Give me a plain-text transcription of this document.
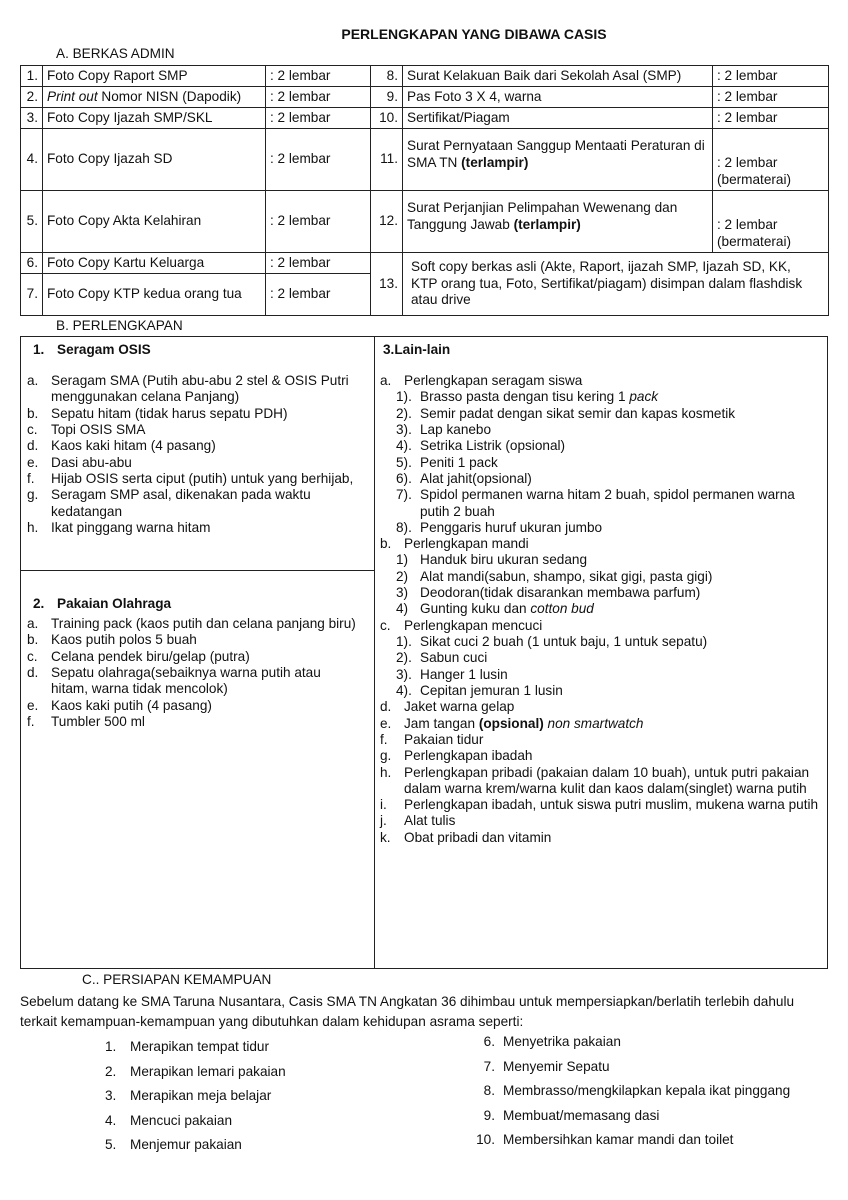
PERLENGKAPAN YANG DIBAWA CASIS
A. BERKAS ADMIN
1.	Foto Copy Raport SMP	: 2 lembar	8.	Surat Kelakuan Baik dari Sekolah Asal (SMP)	: 2 lembar
2.	Print out Nomor NISN (Dapodik)	: 2 lembar	9.	Pas Foto 3 X 4, warna	: 2 lembar
3.	Foto Copy Ijazah SMP/SKL	: 2 lembar	10.	Sertifikat/Piagam	: 2 lembar
4.	Foto Copy Ijazah SD	: 2 lembar	11.	Surat Pernyataan Sanggup Mentaati Peraturan di SMA TN (terlampir)	: 2 lembar
(bermaterai)

5.	Foto Copy Akta Kelahiran	: 2 lembar	12.	Surat Perjanjian Pelimpahan Wewenang dan Tanggung Jawab (terlampir)	: 2 lembar
(bermaterai)

6.	Foto Copy Kartu Keluarga	: 2 lembar	13.	Soft copy berkas asli (Akte, Raport, ijazah SMP, Ijazah SD, KK, KTP orang tua, Foto, Sertifikat/piagam) disimpan dalam flashdisk atau drive	
7.	Foto Copy KTP kedua orang tua	: 2 lembar			
B. PERLENGKAPAN
1. Seragam OSIS
a. Seragam SMA (Putih abu-abu 2 stel & OSIS Putri menggunakan celana Panjang)
b. Sepatu hitam (tidak harus sepatu PDH)
c. Topi OSIS SMA
d. Kaos kaki hitam (4 pasang)
e. Dasi abu-abu
f.	Hijab OSIS serta ciput (putih) untuk yang berhijab,
g. Seragam SMP asal, dikenakan pada waktu kedatangan
h. Ikat pinggang warna hitam
2. Pakaian Olahraga
a. Training pack (kaos putih dan celana panjang biru)
b. Kaos putih polos 5 buah
c. Celana pendek biru/gelap (putra)
d. Sepatu olahraga(sebaiknya warna putih atau hitam, warna tidak mencolok)
e. Kaos kaki putih (4 pasang)
f.	Tumbler 500 ml
3.Lain-lain
a. Perlengkapan seragam siswa
1). Brasso pasta dengan tisu kering 1 pack
2). Semir padat dengan sikat semir dan kapas kosmetik
3). Lap kanebo
4). Setrika Listrik (opsional)
5). Peniti 1 pack
6). Alat jahit(opsional)
7). Spidol permanen warna hitam 2 buah, spidol permanen warna putih 2 buah
8). Penggaris huruf ukuran jumbo
b. Perlengkapan mandi
1) Handuk biru ukuran sedang
2) Alat mandi(sabun, shampo, sikat gigi, pasta gigi)
3) Deodoran(tidak disarankan membawa parfum)
4) Gunting kuku dan cotton bud
c. Perlengkapan mencuci
1). Sikat cuci 2 buah (1 untuk baju, 1 untuk sepatu)
2). Sabun cuci
3). Hanger 1 lusin
4). Cepitan jemuran 1 lusin
d. Jaket warna gelap
e. Jam tangan (opsional) non smartwatch
f.	Pakaian tidur
g. Perlengkapan ibadah
h. Perlengkapan pribadi (pakaian dalam 10 buah), untuk putri pakaian dalam warna krem/warna kulit dan kaos dalam(singlet) warna putih
i.	Perlengkapan ibadah, untuk siswa putri muslim, mukena warna putih
j.	Alat tulis
k. Obat pribadi dan vitamin
C.. PERSIAPAN KEMAMPUAN
Sebelum datang ke SMA Taruna Nusantara, Casis SMA TN Angkatan 36 dihimbau untuk mempersiapkan/berlatih terlebih dahulu terkait kemampuan-kemampuan yang dibutuhkan dalam kehidupan asrama seperti:
1.	Merapikan tempat tidur
2.	Merapikan lemari pakaian
3.	Merapikan meja belajar
4.	Mencuci pakaian
5.	Menjemur pakaian
6. Menyetrika pakaian
7. Menyemir Sepatu
8. Membrasso/mengkilapkan kepala ikat pinggang
9. Membuat/memasang dasi
10. Membersihkan kamar mandi dan toilet
